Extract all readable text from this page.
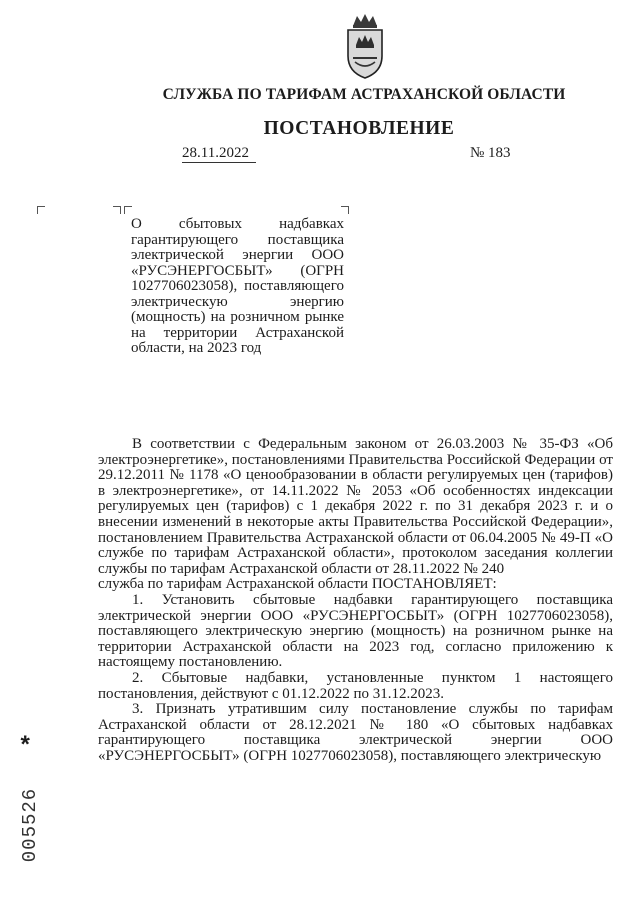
СЛУЖБА ПО ТАРИФАМ АСТРАХАНСКОЙ ОБЛАСТИ
ПОСТАНОВЛЕНИЕ
28.11.2022	№ 183
О сбытовых надбавках гарантирующего поставщика электрической энергии ООО «РУСЭНЕРГОСБЫТ» (ОГРН 1027706023058), поставляющего электрическую энергию (мощность) на розничном рынке на территории Астраханской области, на 2023 год

В соответствии с Федеральным законом от 26.03.2003 № 35-ФЗ «Об электроэнергетике», постановлениями Правительства Российской Федерации от 29.12.2011 № 1178 «О ценообразовании в области регулируемых цен (тарифов) в электроэнергетике», от 14.11.2022 № 2053 «Об особенностях индексации регулируемых цен (тарифов) с 1 декабря 2022 г. по 31 декабря 2023 г. и о внесении изменений в некоторые акты Правительства Российской Федерации», постановлением Правительства Астраханской области от 06.04.2005 № 49-П «О службе по тарифам Астраханской области», протоколом заседания коллегии службы по тарифам Астраханской области от 28.11.2022 № 240

служба по тарифам Астраханской области ПОСТАНОВЛЯЕТ:

1. Установить сбытовые надбавки гарантирующего поставщика электрической энергии ООО «РУСЭНЕРГОСБЫТ» (ОГРН 1027706023058), поставляющего электрическую энергию (мощность) на розничном рынке на территории Астраханской области на 2023 год, согласно приложению к настоящему постановлению.

2. Сбытовые надбавки, установленные пунктом 1 настоящего постановления, действуют с 01.12.2022 по 31.12.2023.

3. Признать утратившим силу постановление службы по тарифам Астраханской области от 28.12.2021 № 180 «О сбытовых надбавках гарантирующего поставщика электрической энергии ООО «РУСЭНЕРГОСБЫТ» (ОГРН 1027706023058), поставляющего электрическую

*
005526
